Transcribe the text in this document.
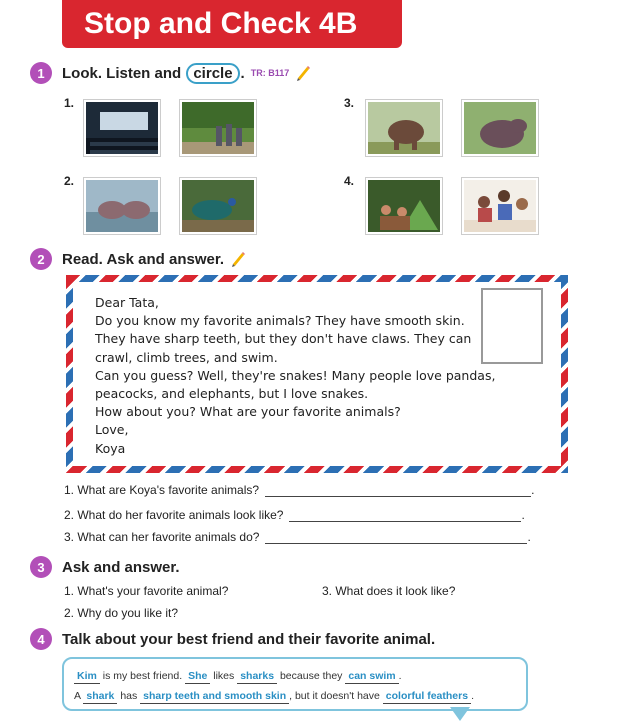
Stop and Check 4B
1	Look. Listen and circle . TR: B117
1.
2.
3.
4.
2	Read. Ask and answer.
Dear Tata,
Do you know my favorite animals? They have smooth skin.
They have sharp teeth, but they don't have claws. They can
crawl, climb trees, and swim.
Can you guess? Well, they're snakes! Many people love pandas,
peacocks, and elephants, but I love snakes.
How about you? What are your favorite animals?
Love,
Koya
1.
What are Koya's favorite animals?	.
2.
What do her favorite animals look like?	.
3.
What can her favorite animals do?	.
3	Ask and answer.
1. What's your favorite animal?	3. What does it look like?
2. Why do you like it?
4	Talk about your best friend and their favorite animal.
Kim is my best friend. She likes sharks because they can swim .
A shark has sharp teeth and smooth skin , but it doesn't have colorful feathers .
